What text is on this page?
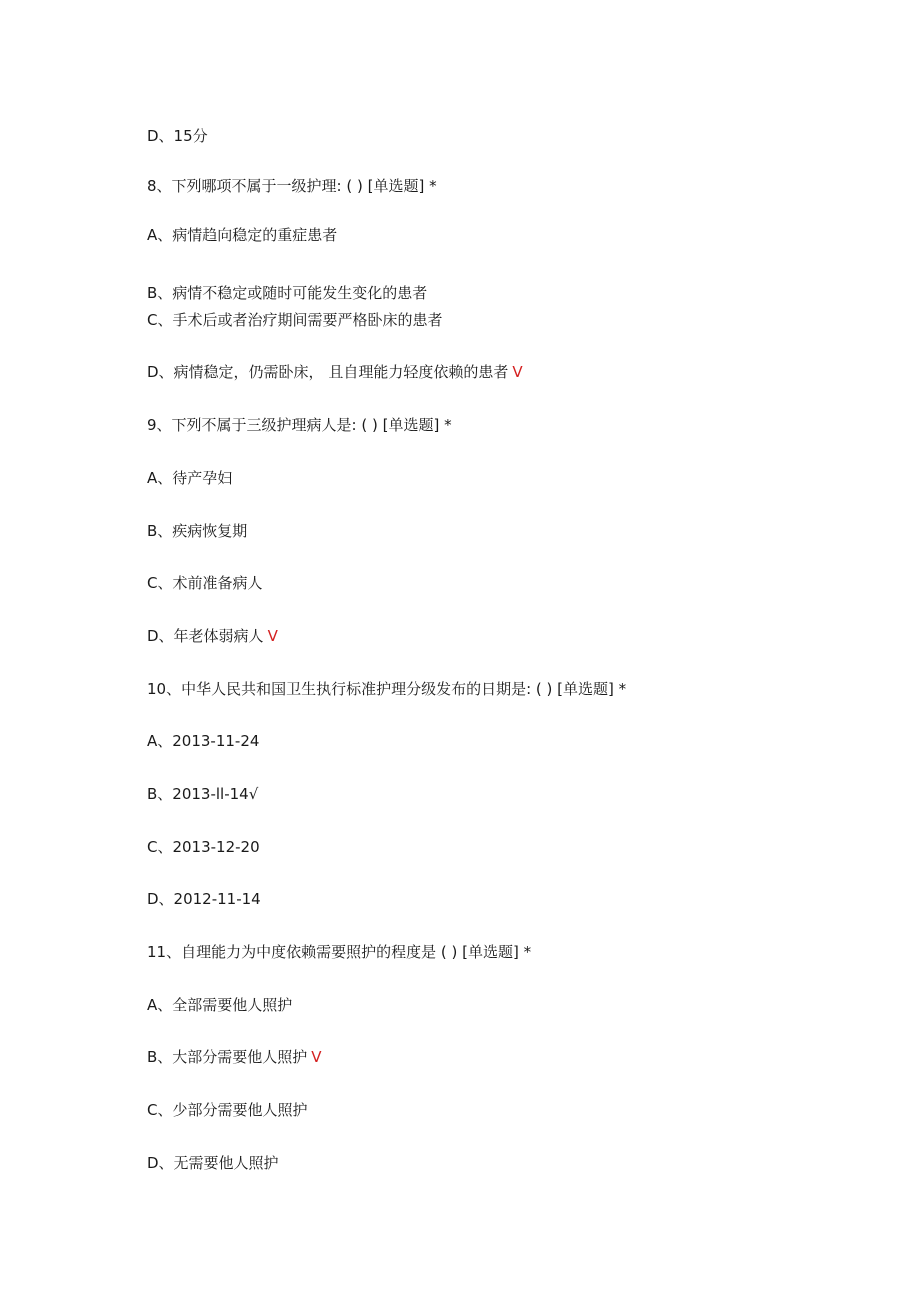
D、15分
8、下列哪项不属于一级护理: ( ) [单选题] *
A、病情趋向稳定的重症患者
B、病情不稳定或随时可能发生变化的患者
C、手术后或者治疗期间需要严格卧床的患者
D、病情稳定，仍需卧床， 且自理能力轻度依赖的患者 V
9、下列不属于三级护理病人是: ( ) [单选题] *
A、待产孕妇
B、疾病恢复期
C、术前准备病人
D、年老体弱病人 V
10、中华人民共和国卫生执行标准护理分级发布的日期是: ( ) [单选题] *
A、2013-11-24
B、2013-ll-14√
C、2013-12-20
D、2012-11-14
11、自理能力为中度依赖需要照护的程度是 ( ) [单选题] *
A、全部需要他人照护
B、大部分需要他人照护 V
C、少部分需要他人照护
D、无需要他人照护
